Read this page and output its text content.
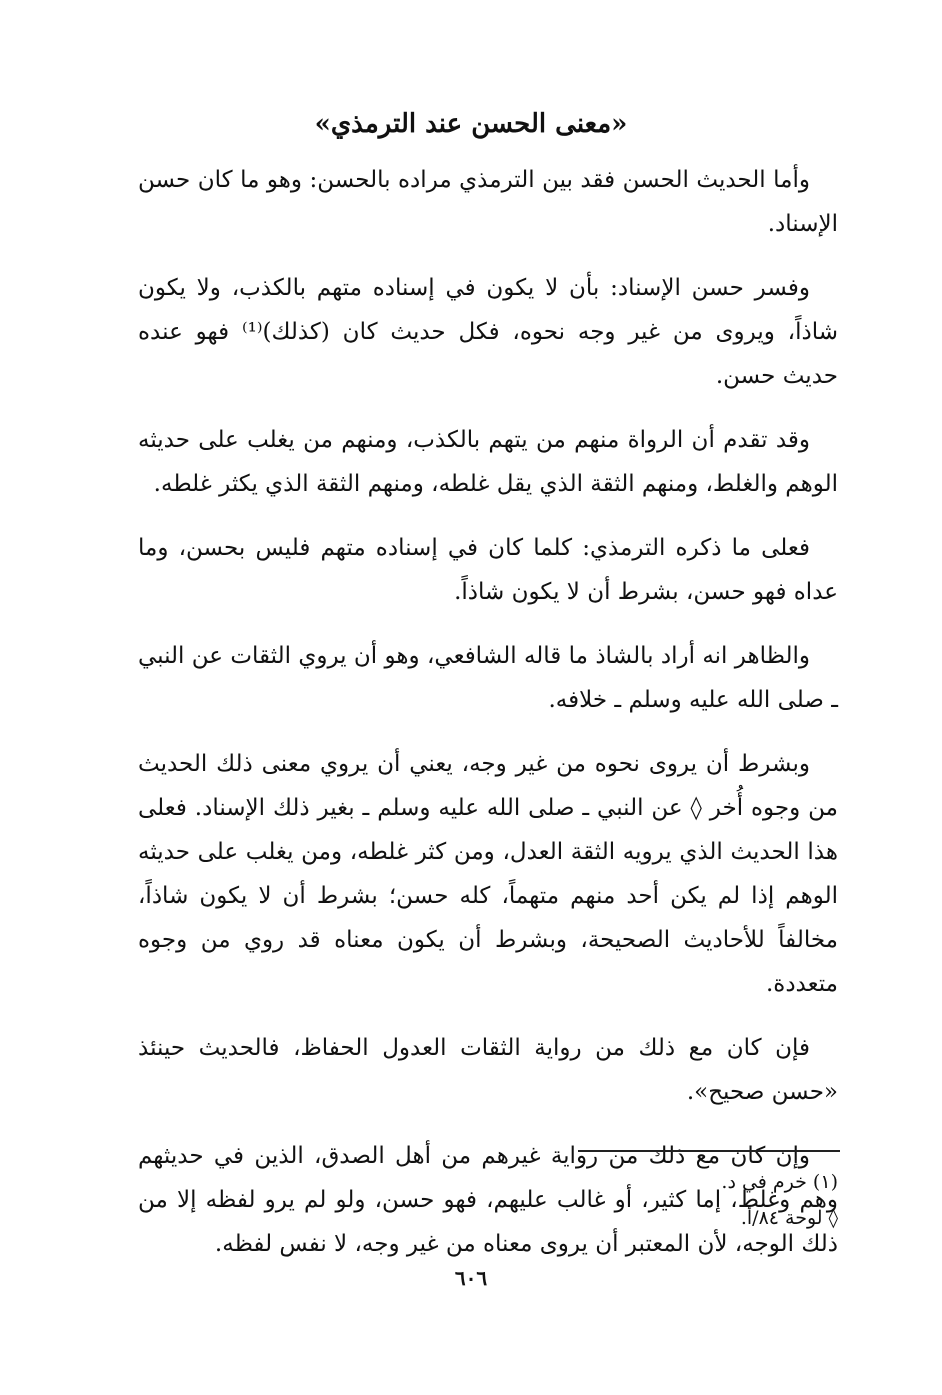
«معنى الحسن عند الترمذي»

وأما الحديث الحسن فقد بين الترمذي مراده بالحسن: وهو ما كان حسن الإسناد.

وفسر حسن الإسناد: بأن لا يكون في إسناده متهم بالكذب، ولا يكون شاذاً، ويروى من غير وجه نحوه، فكل حديث كان (كذلك)⁽¹⁾ فهو عنده حديث حسن.

وقد تقدم أن الرواة منهم من يتهم بالكذب، ومنهم من يغلب على حديثه الوهم والغلط، ومنهم الثقة الذي يقل غلطه، ومنهم الثقة الذي يكثر غلطه.

فعلى ما ذكره الترمذي: كلما كان في إسناده متهم فليس بحسن، وما عداه فهو حسن، بشرط أن لا يكون شاذاً.

والظاهر انه أراد بالشاذ ما قاله الشافعي، وهو أن يروي الثقات عن النبي ـ صلى الله عليه وسلم ـ خلافه.

وبشرط أن يروى نحوه من غير وجه، يعني أن يروي معنى ذلك الحديث من وجوه أُخر ◊ عن النبي ـ صلى الله عليه وسلم ـ بغير ذلك الإسناد. فعلى هذا الحديث الذي يرويه الثقة العدل، ومن كثر غلطه، ومن يغلب على حديثه الوهم إذا لم يكن أحد منهم متهماً، كله حسن؛ بشرط أن لا يكون شاذاً، مخالفاً للأحاديث الصحيحة، وبشرط أن يكون معناه قد روي من وجوه متعددة.

فإن كان مع ذلك من رواية الثقات العدول الحفاظ، فالحديث حينئذ «حسن صحيح».

وإن كان مع ذلك من رواية غيرهم من أهل الصدق، الذين في حديثهم وهم وغلط، إما كثير، أو غالب عليهم، فهو حسن، ولو لم يرو لفظه إلا من ذلك الوجه، لأن المعتبر أن يروى معناه من غير وجه، لا نفس لفظه.

(١) خرم في د.

◊ لوحة ٨٤/أ.

٦٠٦
